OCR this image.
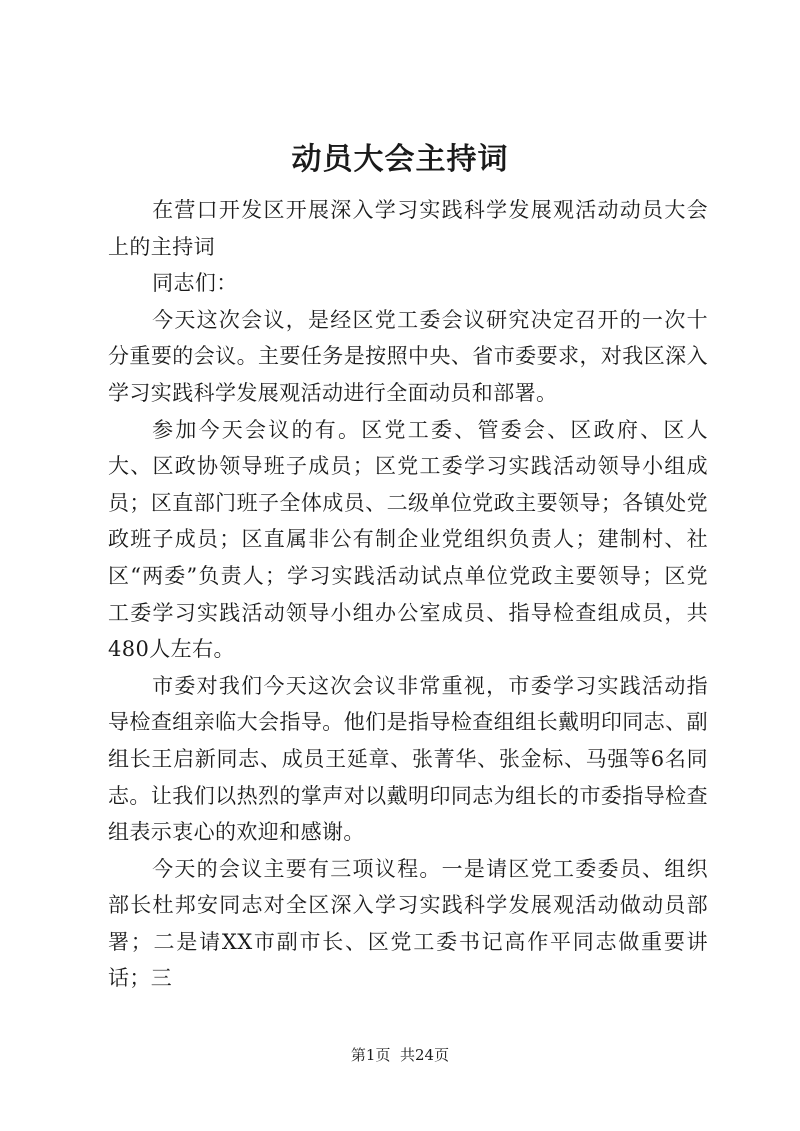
动员大会主持词

在营口开发区开展深入学习实践科学发展观活动动员大会上的主持词

同志们：

今天这次会议，是经区党工委会议研究决定召开的一次十分重要的会议。主要任务是按照中央、省市委要求，对我区深入学习实践科学发展观活动进行全面动员和部署。

参加今天会议的有。区党工委、管委会、区政府、区人大、区政协领导班子成员；区党工委学习实践活动领导小组成员；区直部门班子全体成员、二级单位党政主要领导；各镇处党政班子成员；区直属非公有制企业党组织负责人；建制村、社区“两委”负责人；学习实践活动试点单位党政主要领导；区党工委学习实践活动领导小组办公室成员、指导检查组成员，共480人左右。

市委对我们今天这次会议非常重视，市委学习实践活动指导检查组亲临大会指导。他们是指导检查组组长戴明印同志、副组长王启新同志、成员王延章、张菁华、张金标、马强等6名同志。让我们以热烈的掌声对以戴明印同志为组长的市委指导检查组表示衷心的欢迎和感谢。

今天的会议主要有三项议程。一是请区党工委委员、组织部长杜邦安同志对全区深入学习实践科学发展观活动做动员部署；二是请XX市副市长、区党工委书记高作平同志做重要讲话；三

第1页 共24页
